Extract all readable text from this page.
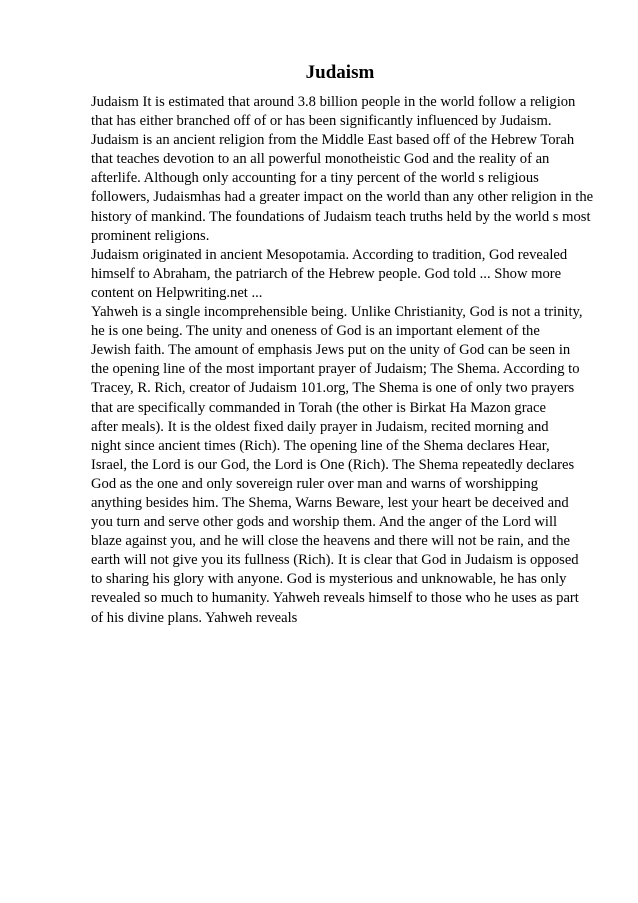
Judaism
Judaism It is estimated that around 3.8 billion people in the world follow a religion
that has either branched off of or has been significantly influenced by Judaism.
Judaism is an ancient religion from the Middle East based off of the Hebrew Torah
that teaches devotion to an all powerful monotheistic God and the reality of an
afterlife. Although only accounting for a tiny percent of the world s religious
followers, Judaismhas had a greater impact on the world than any other religion in the
history of mankind. The foundations of Judaism teach truths held by the world s most
prominent religions.
Judaism originated in ancient Mesopotamia. According to tradition, God revealed
himself to Abraham, the patriarch of the Hebrew people. God told ... Show more
content on Helpwriting.net ...
Yahweh is a single incomprehensible being. Unlike Christianity, God is not a trinity,
he is one being. The unity and oneness of God is an important element of the
Jewish faith. The amount of emphasis Jews put on the unity of God can be seen in
the opening line of the most important prayer of Judaism; The Shema. According to
Tracey, R. Rich, creator of Judaism 101.org, The Shema is one of only two prayers
that are specifically commanded in Torah (the other is Birkat Ha Mazon grace
after meals). It is the oldest fixed daily prayer in Judaism, recited morning and
night since ancient times (Rich). The opening line of the Shema declares Hear,
Israel, the Lord is our God, the Lord is One (Rich). The Shema repeatedly declares
God as the one and only sovereign ruler over man and warns of worshipping
anything besides him. The Shema, Warns Beware, lest your heart be deceived and
you turn and serve other gods and worship them. And the anger of the Lord will
blaze against you, and he will close the heavens and there will not be rain, and the
earth will not give you its fullness (Rich). It is clear that God in Judaism is opposed
to sharing his glory with anyone. God is mysterious and unknowable, he has only
revealed so much to humanity. Yahweh reveals himself to those who he uses as part
of his divine plans. Yahweh reveals
